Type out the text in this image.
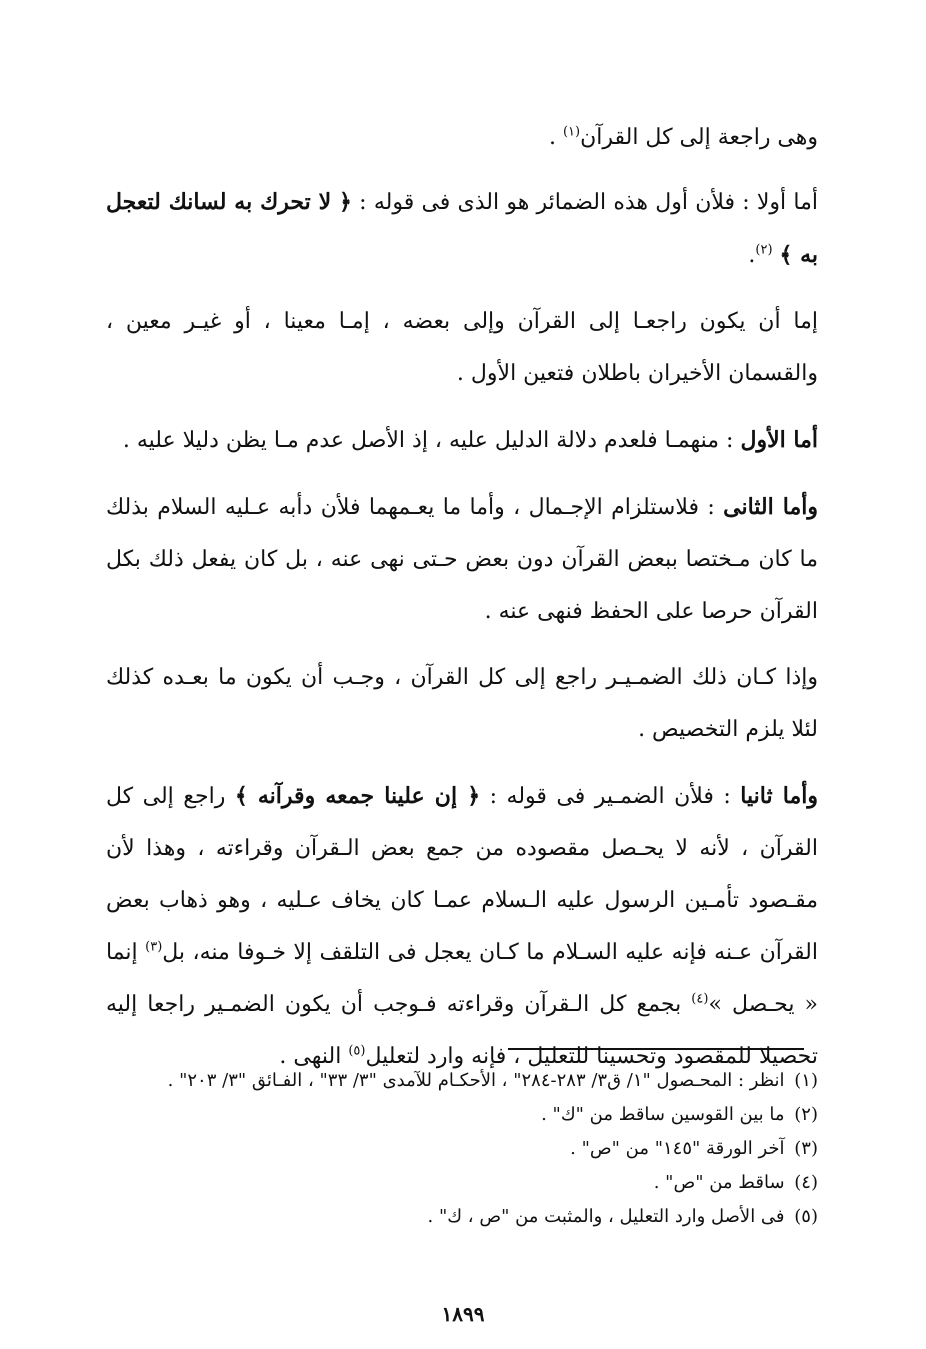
وهى راجعة إلى كل القرآن$^{(١)}$ .

أما أولا : فلأن أول هذه الضمائر هو الذى فى قوله : ﴿ لا تحرك به لسانك لتعجل به ﴾ $^{(٢)}$.

إما أن يكون راجعـا إلى القرآن وإلى بعضه ، إمـا معينا ، أو غيـر معين ، والقسمان الأخيران باطلان فتعين الأول .

أما الأول : منهمـا فلعدم دلالة الدليل عليه ، إذ الأصل عدم مـا يظن دليلا عليه .

وأما الثانى : فلاستلزام الإجـمال ، وأما ما يعـمهما فلأن دأبه عـليه السلام بذلك ما كان مـختصا ببعض القرآن دون بعض حـتى نهى عنه ، بل كان يفعل ذلك بكل القرآن حرصا على الحفظ فنهى عنه .

وإذا كـان ذلك الضمـيـر راجع إلى كل القرآن ، وجـب أن يكون ما بعـده كذلك لئلا يلزم التخصيص .

وأما ثانيا : فلأن الضمـير فى قوله : ﴿ إن علينا جمعه وقرآنه ﴾ راجع إلى كل القرآن ، لأنه لا يحـصل مقصوده من جمع بعض الـقرآن وقراءته ، وهذا لأن مقـصود تأمـين الرسول عليه الـسلام عمـا كان يخاف عـليه ، وهو ذهاب بعض القرآن عـنه فإنه عليه السـلام ما كـان يعجل فى التلقف إلا خـوفا منه، بل$^{(٣)}$ إنما « يحـصل »$^{(٤)}$ بجمع كل الـقرآن وقراءته فـوجب أن يكون الضمـير راجعا إليه تحصيلا للمقصود وتحسينا للتعليل ، فإنه وارد لتعليل$^{(٥)}$ النهى .

(١) انظر : المحـصول "١/ ق٣/ ٢٨٣-٢٨٤" ، الأحكـام للآمدى "٣/ ٣٣" ، الفـائق "٣/ ٢٠٣" .

(٢) ما بين القوسين ساقط من "ك" .

(٣) آخر الورقة "١٤٥" من "ص" .

(٤) ساقط من "ص" .

(٥) فى الأصل وارد التعليل ، والمثبت من "ص ، ك" .

١٨٩٩
